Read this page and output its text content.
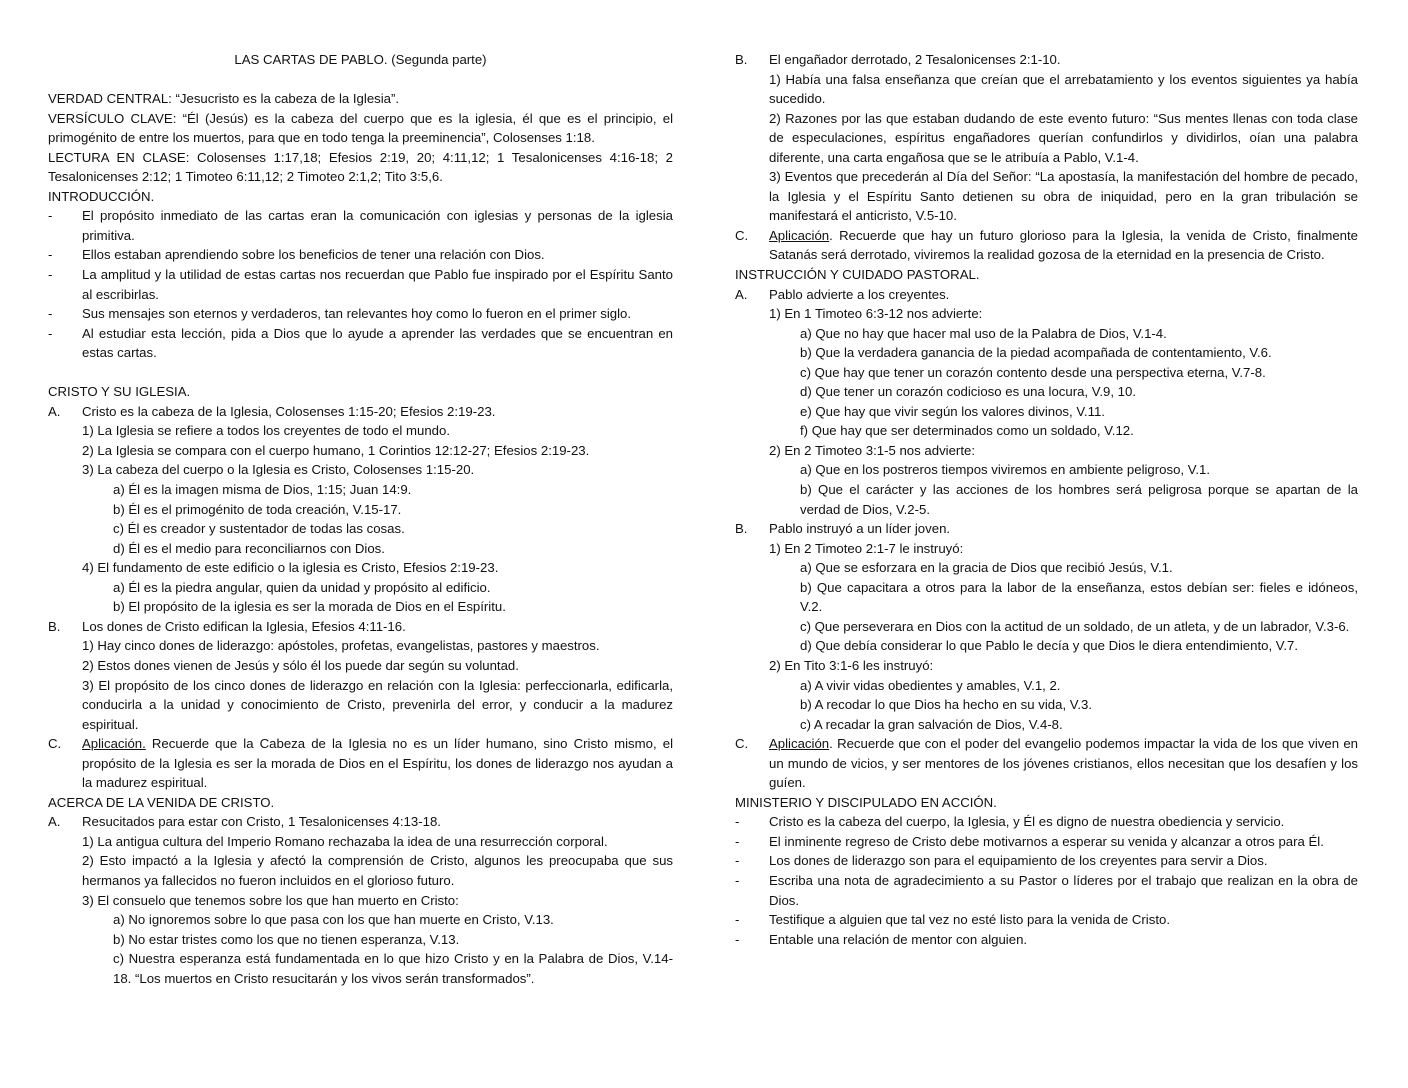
LAS CARTAS DE PABLO. (Segunda parte)

VERDAD CENTRAL: “Jesucristo es la cabeza de la Iglesia”.

VERSÍCULO CLAVE: “Él (Jesús) es la cabeza del cuerpo que es la iglesia, él que es el principio, el primogénito de entre los muertos, para que en todo tenga la preeminencia”, Colosenses 1:18.

LECTURA EN CLASE: Colosenses 1:17,18; Efesios 2:19, 20; 4:11,12; 1 Tesalonicenses 4:16-18; 2 Tesalonicenses 2:12; 1 Timoteo 6:11,12; 2 Timoteo 2:1,2; Tito 3:5,6.

INTRODUCCIÓN.

-	El propósito inmediato de las cartas eran la comunicación con iglesias y personas de la iglesia primitiva.
-	Ellos estaban aprendiendo sobre los beneficios de tener una relación con Dios.
-	La amplitud y la utilidad de estas cartas nos recuerdan que Pablo fue inspirado por el Espíritu Santo al escribirlas.
-	Sus mensajes son eternos y verdaderos, tan relevantes hoy como lo fueron en el primer siglo.
-	Al estudiar esta lección, pida a Dios que lo ayude a aprender las verdades que se encuentran en estas cartas.

CRISTO Y SU IGLESIA.

A.	Cristo es la cabeza de la Iglesia, Colosenses 1:15-20; Efesios 2:19-23.

1) La Iglesia se refiere a todos los creyentes de todo el mundo.

2) La Iglesia se compara con el cuerpo humano, 1 Corintios 12:12-27; Efesios 2:19-23.

3) La cabeza del cuerpo o la Iglesia es Cristo, Colosenses 1:15-20.

a) Él es la imagen misma de Dios, 1:15; Juan 14:9.

b) Él es el primogénito de toda creación, V.15-17.

c) Él es creador y sustentador de todas las cosas.

d) Él es el medio para reconciliarnos con Dios.

4) El fundamento de este edificio o la iglesia es Cristo, Efesios 2:19-23.

a) Él es la piedra angular, quien da unidad y propósito al edificio.

b) El propósito de la iglesia es ser la morada de Dios en el Espíritu.

B.	Los dones de Cristo edifican la Iglesia, Efesios 4:11-16.

1) Hay cinco dones de liderazgo: apóstoles, profetas, evangelistas, pastores y maestros.

2) Estos dones vienen de Jesús y sólo él los puede dar según su voluntad.

3) El propósito de los cinco dones de liderazgo en relación con la Iglesia: perfeccionarla, edificarla, conducirla a la unidad y conocimiento de Cristo, prevenirla del error, y conducir a la madurez espiritual.

C.	Aplicación. Recuerde que la Cabeza de la Iglesia no es un líder humano, sino Cristo mismo, el propósito de la Iglesia es ser la morada de Dios en el Espíritu, los dones de liderazgo nos ayudan a la madurez espiritual.

ACERCA DE LA VENIDA DE CRISTO.

A.	Resucitados para estar con Cristo, 1 Tesalonicenses 4:13-18.

1) La antigua cultura del Imperio Romano rechazaba la idea de una resurrección corporal.

2) Esto impactó a la Iglesia y afectó la comprensión de Cristo, algunos les preocupaba que sus hermanos ya fallecidos no fueron incluidos en el glorioso futuro.

3) El consuelo que tenemos sobre los que han muerto en Cristo:

a) No ignoremos sobre lo que pasa con los que han muerte en Cristo, V.13.

b) No estar tristes como los que no tienen esperanza, V.13.

c) Nuestra esperanza está fundamentada en lo que hizo Cristo y en la Palabra de Dios, V.14-18. “Los muertos en Cristo resucitarán y los vivos serán transformados”.

B.	El engañador derrotado, 2 Tesalonicenses 2:1-10.

1) Había una falsa enseñanza que creían que el arrebatamiento y los eventos siguientes ya había sucedido.

2) Razones por las que estaban dudando de este evento futuro: “Sus mentes llenas con toda clase de especulaciones, espíritus engañadores querían confundirlos y dividirlos, oían una palabra diferente, una carta engañosa que se le atribuía a Pablo, V.1-4.

3) Eventos que precederán al Día del Señor: “La apostasía, la manifestación del hombre de pecado, la Iglesia y el Espíritu Santo detienen su obra de iniquidad, pero en la gran tribulación se manifestará el anticristo, V.5-10.

C.	Aplicación. Recuerde que hay un futuro glorioso para la Iglesia, la venida de Cristo, finalmente Satanás será derrotado, viviremos la realidad gozosa de la eternidad en la presencia de Cristo.

INSTRUCCIÓN Y CUIDADO PASTORAL.

A.	Pablo advierte a los creyentes.

1) En 1 Timoteo 6:3-12 nos advierte:

a) Que no hay que hacer mal uso de la Palabra de Dios, V.1-4.

b) Que la verdadera ganancia de la piedad acompañada de contentamiento, V.6.

c) Que hay que tener un corazón contento desde una perspectiva eterna, V.7-8.

d) Que tener un corazón codicioso es una locura, V.9, 10.

e) Que hay que vivir según los valores divinos, V.11.

f) Que hay que ser determinados como un soldado, V.12.

2) En 2 Timoteo 3:1-5 nos advierte:

a) Que en los postreros tiempos viviremos en ambiente peligroso, V.1.

b) Que el carácter y las acciones de los hombres será peligrosa porque se apartan de la verdad de Dios, V.2-5.

B.	Pablo instruyó a un líder joven.

1) En 2 Timoteo 2:1-7 le instruyó:

a) Que se esforzara en la gracia de Dios que recibió Jesús, V.1.

b) Que capacitara a otros para la labor de la enseñanza, estos debían ser: fieles e idóneos, V.2.

c) Que perseverara en Dios con la actitud de un soldado, de un atleta, y de un labrador, V.3-6.

d) Que debía considerar lo que Pablo le decía y que Dios le diera entendimiento, V.7.

2) En Tito 3:1-6 les instruyó:

a) A vivir vidas obedientes y amables, V.1, 2.

b) A recodar lo que Dios ha hecho en su vida, V.3.

c) A recadar la gran salvación de Dios, V.4-8.

C.	Aplicación. Recuerde que con el poder del evangelio podemos impactar la vida de los que viven en un mundo de vicios, y ser mentores de los jóvenes cristianos, ellos necesitan que los desafíen y los guíen.

MINISTERIO Y DISCIPULADO EN ACCIÓN.

-	Cristo es la cabeza del cuerpo, la Iglesia, y Él es digno de nuestra obediencia y servicio.
-	El inminente regreso de Cristo debe motivarnos a esperar su venida y alcanzar a otros para Él.
-	Los dones de liderazgo son para el equipamiento de los creyentes para servir a Dios.
-	Escriba una nota de agradecimiento a su Pastor o líderes por el trabajo que realizan en la obra de Dios.
-	Testifique a alguien que tal vez no esté listo para la venida de Cristo.
-	Entable una relación de mentor con alguien.
